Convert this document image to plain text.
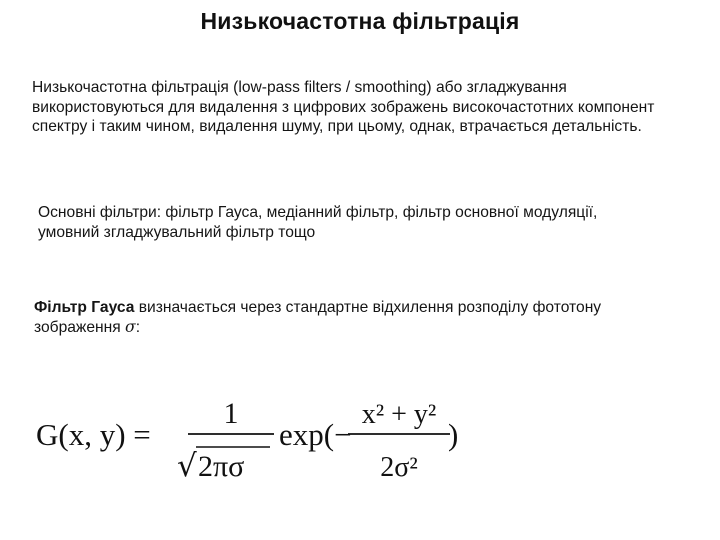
Низькочастотна фільтрація
Низькочастотна фільтрація (low-pass filters / smoothing) або згладжування використовуються для видалення з цифрових зображень високочастотних компонент спектру і таким чином, видалення шуму, при цьому, однак, втрачається детальність.
Основні фільтри: фільтр Гауса, медіанний фільтр, фільтр основної модуляції, умовний згладжувальний фільтр тощо
Фільтр Гауса визначається через стандартне відхилення розподілу фототону зображення σ:
G(x, y) =
1
√ 2πσ
exp(−
x² + y²
2σ²
)
